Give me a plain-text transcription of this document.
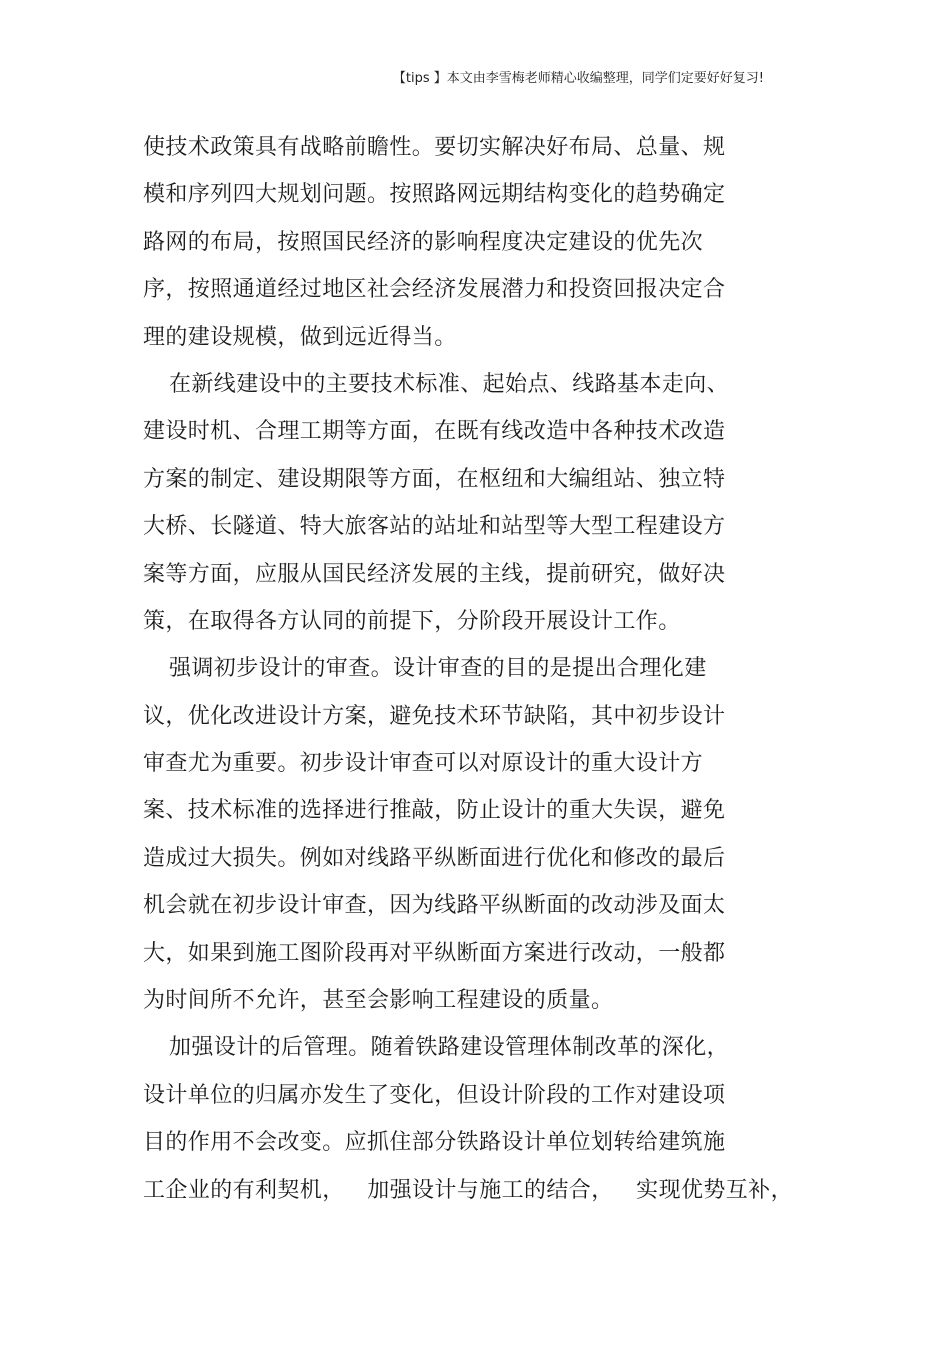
【tips 】本文由李雪梅老师精心收编整理，同学们定要好好复习!
使技术政策具有战略前瞻性。要切实解决好布局、总量、规
模和序列四大规划问题。按照路网远期结构变化的趋势确定
路网的布局，按照国民经济的影响程度决定建设的优先次
序，按照通道经过地区社会经济发展潜力和投资回报决定合
理的建设规模，做到远近得当。
在新线建设中的主要技术标准、起始点、线路基本走向、
建设时机、合理工期等方面，在既有线改造中各种技术改造
方案的制定、建设期限等方面，在枢纽和大编组站、独立特
大桥、长隧道、特大旅客站的站址和站型等大型工程建设方
案等方面，应服从国民经济发展的主线，提前研究，做好决
策，在取得各方认同的前提下，分阶段开展设计工作。
强调初步设计的审查。设计审查的目的是提出合理化建
议，优化改进设计方案，避免技术环节缺陷，其中初步设计
审查尤为重要。初步设计审查可以对原设计的重大设计方
案、技术标准的选择进行推敲，防止设计的重大失误，避免
造成过大损失。例如对线路平纵断面进行优化和修改的最后
机会就在初步设计审查，因为线路平纵断面的改动涉及面太
大，如果到施工图阶段再对平纵断面方案进行改动，一般都
为时间所不允许，甚至会影响工程建设的质量。
加强设计的后管理。随着铁路建设管理体制改革的深化，
设计单位的归属亦发生了变化，但设计阶段的工作对建设项
目的作用不会改变。应抓住部分铁路设计单位划转给建筑施
工企业的有利契机， 加强设计与施工的结合， 实现优势互补，
